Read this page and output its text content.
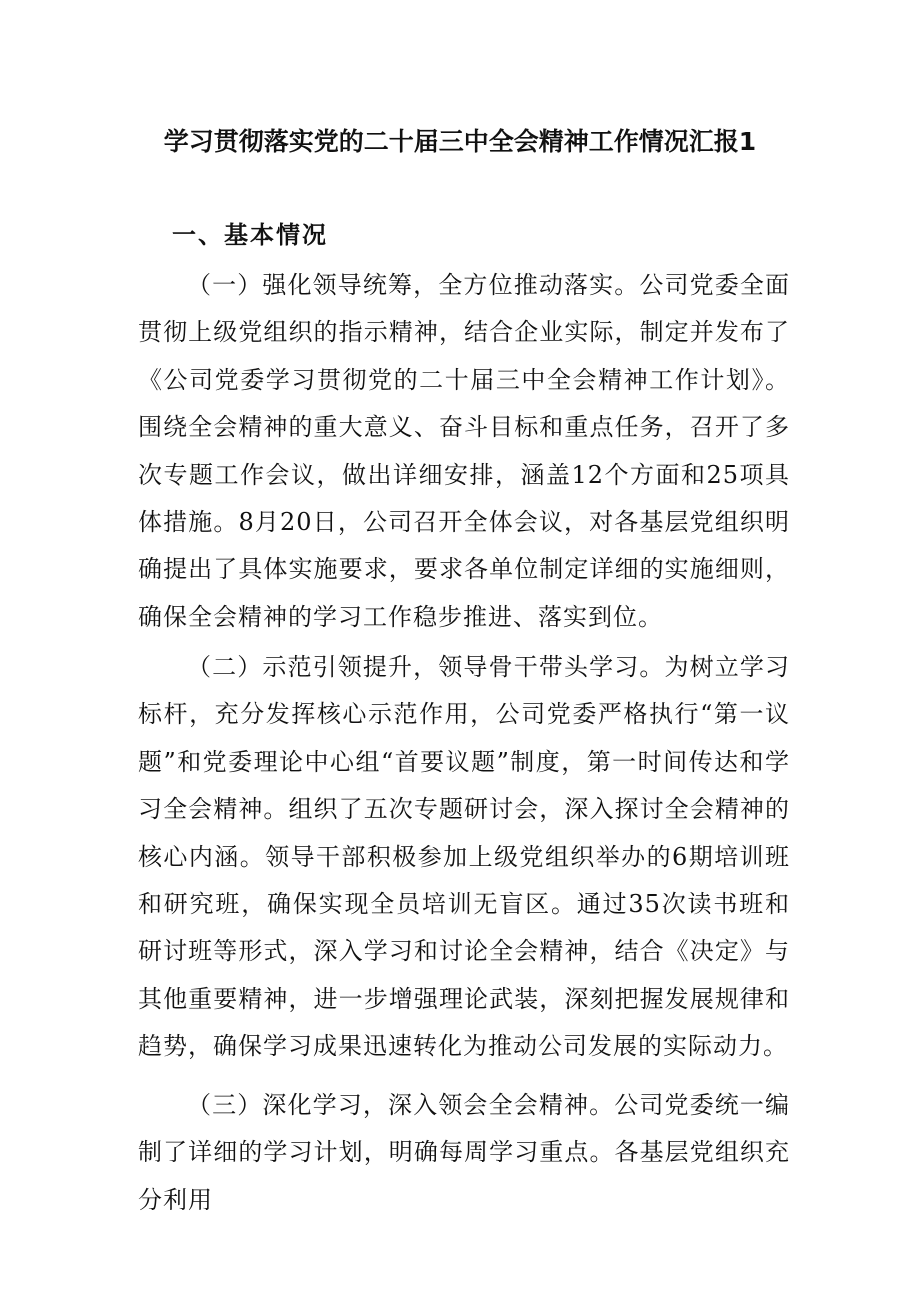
学习贯彻落实党的二十届三中全会精神工作情况汇报1
一、基本情况

（一）强化领导统筹，全方位推动落实。公司党委全面贯彻上级党组织的指示精神，结合企业实际，制定并发布了《公司党委学习贯彻党的二十届三中全会精神工作计划》。围绕全会精神的重大意义、奋斗目标和重点任务，召开了多次专题工作会议，做出详细安排，涵盖12个方面和25项具体措施。8月20日，公司召开全体会议，对各基层党组织明确提出了具体实施要求，要求各单位制定详细的实施细则，确保全会精神的学习工作稳步推进、落实到位。

（二）示范引领提升，领导骨干带头学习。为树立学习标杆，充分发挥核心示范作用，公司党委严格执行“第一议题”和党委理论中心组“首要议题”制度，第一时间传达和学习全会精神。组织了五次专题研讨会，深入探讨全会精神的核心内涵。领导干部积极参加上级党组织举办的6期培训班和研究班，确保实现全员培训无盲区。通过35次读书班和研讨班等形式，深入学习和讨论全会精神，结合《决定》与其他重要精神，进一步增强理论武装，深刻把握发展规律和趋势，确保学习成果迅速转化为推动公司发展的实际动力。

（三）深化学习，深入领会全会精神。公司党委统一编制了详细的学习计划，明确每周学习重点。各基层党组织充分利用
